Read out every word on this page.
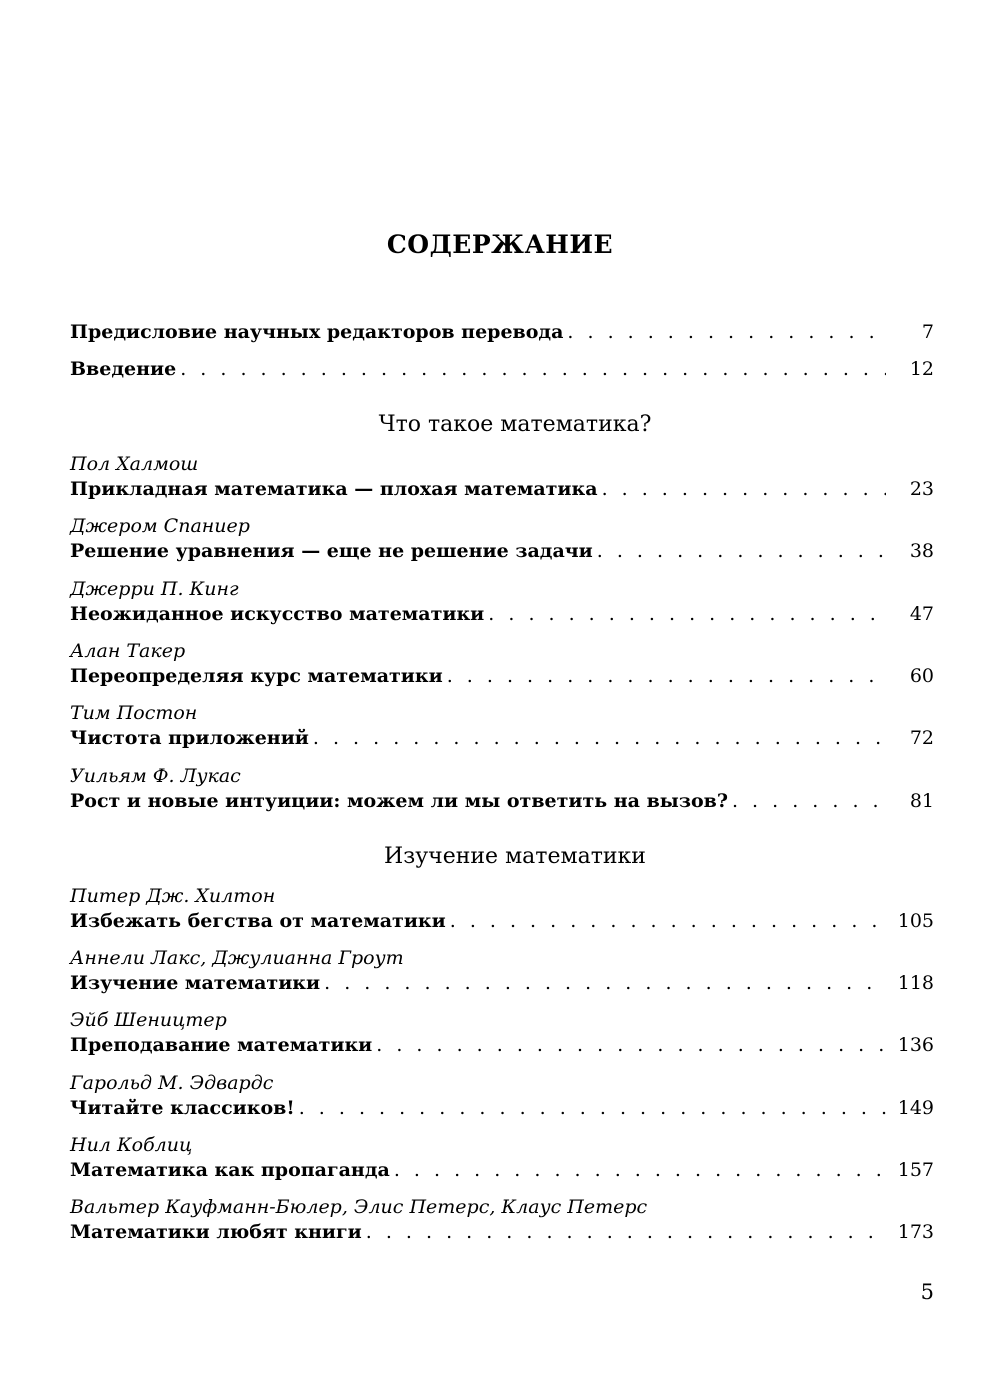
СОДЕРЖАНИЕ
Предисловие научных редакторов перевода . . .	7
Введение . . .	12
Что такое математика?
Пол Халмош
Прикладная математика — плохая математика . . .	23
Джером Спаниер
Решение уравнения — еще не решение задачи . . .	38
Джерри П. Кинг
Неожиданное искусство математики . . .	47
Алан Такер
Переопределяя курс математики . . .	60
Тим Постон
Чистота приложений . . .	72
Уильям Ф. Лукас
Рост и новые интуиции: можем ли мы ответить на вызов? . . .	81
Изучение математики
Питер Дж. Хилтон
Избежать бегства от математики . . .	105
Аннели Лакс, Джулианна Гроут
Изучение математики . . .	118
Эйб Шеництер
Преподавание математики . . .	136
Гарольд М. Эдвардс
Читайте классиков! . . .	149
Нил Коблиц
Математика как пропаганда . . .	157
Вальтер Кауфманн-Бюлер, Элис Петерс, Клаус Петерс
Математики любят книги . . .	173
5
